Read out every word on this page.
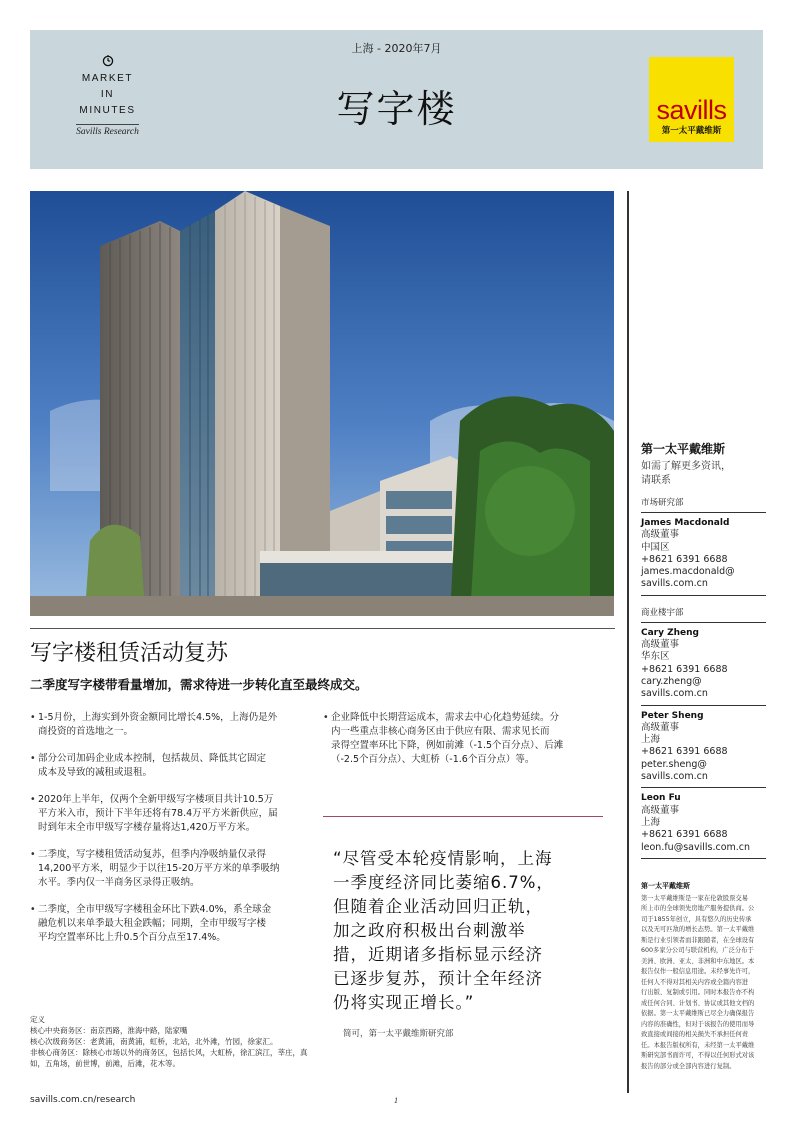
MARKET
IN
MINUTES
Savills Research
上海 - 2020年7月
写字楼	savills
第一太平戴维斯
写字楼租赁活动复苏
二季度写字楼带看量增加，需求待进一步转化直至最终成交。
• 1-5月份，上海实到外资金额同比增长4.5%，上海仍是外
商投资的首选地之一。
• 部分公司加码企业成本控制，包括裁员、降低其它固定
成本及导致的减租或退租。
• 2020年上半年，仅两个全新甲级写字楼项目共计10.5万
平方米入市，预计下半年还将有78.4万平方米新供应，届
时到年末全市甲级写字楼存量将达1,420万平方米。
• 二季度，写字楼租赁活动复苏，但季内净吸纳量仅录得
14,200平方米，明显少于以往15-20万平方米的单季吸纳
水平。季内仅一半商务区录得正吸纳。
• 二季度，全市甲级写字楼租金环比下跌4.0%，系全球金
融危机以来单季最大租金跌幅；同期，全市甲级写字楼
平均空置率环比上升0.5个百分点至17.4%。
• 企业降低中长期营运成本，需求去中心化趋势延续。分
内一些重点非核心商务区由于供应有限、需求见长而
录得空置率环比下降，例如前滩（-1.5个百分点）、后滩
（-2.5个百分点）、大虹桥（-1.6个百分点）等。
“尽管受本轮疫情影响，上海
一季度经济同比萎缩6.7%，
但随着企业活动回归正轨，
加之政府积极出台刺激举
措，近期诸多指标显示经济
已逐步复苏，预计全年经济
仍将实现正增长。”
简可，第一太平戴维斯研究部
定义
核心中央商务区：南京西路，淮海中路，陆家嘴
核心次级商务区：老黄浦，南黄浦，虹桥，北站，北外滩，竹园，徐家汇。
非核心商务区：除核心市场以外的商务区，包括长风，大虹桥，徐汇滨江，莘庄，真
如，五角场，前世博，前滩，后滩，花木等。
savills.com.cn/research	1
第一太平戴维斯
如需了解更多资讯，
请联系
市场研究部
James Macdonald
高级董事
中国区
+8621 6391 6688
james.macdonald@
savills.com.cn
商业楼宇部
Cary Zheng
高级董事
华东区
+8621 6391 6688
cary.zheng@
savills.com.cn
Peter Sheng
高级董事
上海
+8621 6391 6688
peter.sheng@
savills.com.cn
Leon Fu
高级董事
上海
+8621 6391 6688
leon.fu@savills.com.cn
第一太平戴维斯
第一太平戴维斯是一家在伦敦股票交易
所上市的全球领先房地产服务提供商。公
司于1855年创立，具有悠久的历史传承
以及无可匹敌的增长态势。第一太平戴维
斯是行业引领者而非跟随者，在全球设有
600多家分公司与联营机构，广泛分布于
美洲、欧洲、亚太、非洲和中东地区。本
报告仅作一般信息用途。未经事先许可，
任何人不得对其相关内容或全篇内容进
行出版、复制或引用。同时本报告亦不构
成任何合同、计划书、协议或其他文档的
依据。第一太平戴维斯已尽全力确保报告
内容的准确性，但对于该报告的使用而导
致直接或间接的相关损失不承担任何责
任。本报告版权所有，未经第一太平戴维
斯研究部书面许可，不得以任何形式对该
报告的部分或全部内容进行复制。
